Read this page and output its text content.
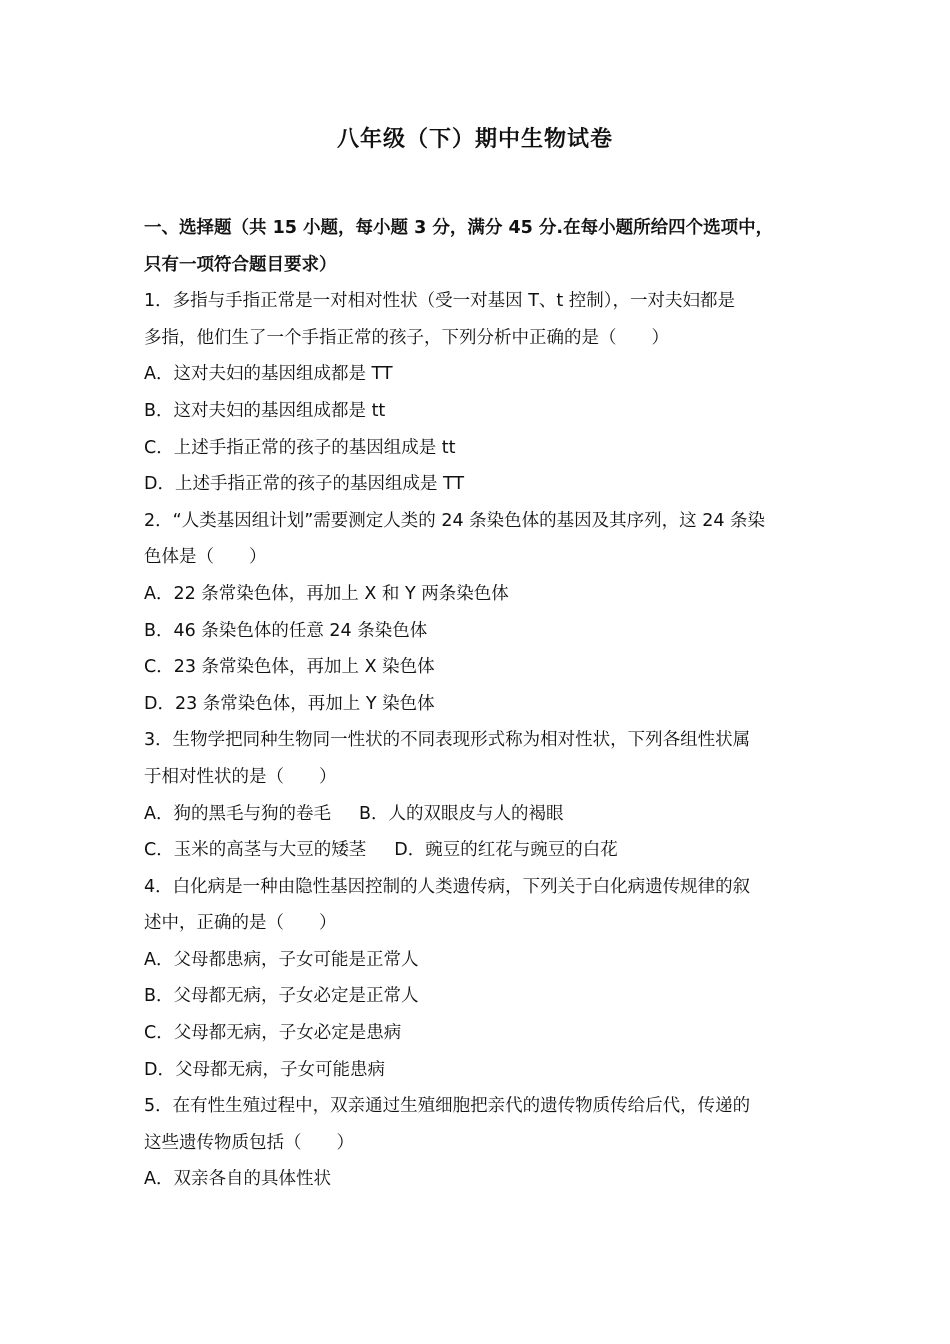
八年级（下）期中生物试卷
一、选择题（共 15 小题，每小题 3 分，满分 45 分.在每小题所给四个选项中，
只有一项符合题目要求）
1．多指与手指正常是一对相对性状（受一对基因 T、t 控制），一对夫妇都是
多指，他们生了一个手指正常的孩子，下列分析中正确的是（　　）
A．这对夫妇的基因组成都是 TT
B．这对夫妇的基因组成都是 tt
C．上述手指正常的孩子的基因组成是 tt
D．上述手指正常的孩子的基因组成是 TT
2．“人类基因组计划”需要测定人类的 24 条染色体的基因及其序列，这 24 条染
色体是（　　）
A．22 条常染色体，再加上 X 和 Y 两条染色体
B．46 条染色体的任意 24 条染色体
C．23 条常染色体，再加上 X 染色体
D．23 条常染色体，再加上 Y 染色体
3．生物学把同种生物同一性状的不同表现形式称为相对性状，下列各组性状属
于相对性状的是（　　）
A．狗的黑毛与狗的卷毛 B．人的双眼皮与人的褐眼
C．玉米的高茎与大豆的矮茎 D．豌豆的红花与豌豆的白花
4．白化病是一种由隐性基因控制的人类遗传病，下列关于白化病遗传规律的叙
述中，正确的是（　　）
A．父母都患病，子女可能是正常人
B．父母都无病，子女必定是正常人
C．父母都无病，子女必定是患病
D．父母都无病，子女可能患病
5．在有性生殖过程中，双亲通过生殖细胞把亲代的遗传物质传给后代，传递的
这些遗传物质包括（　　）
A．双亲各自的具体性状
